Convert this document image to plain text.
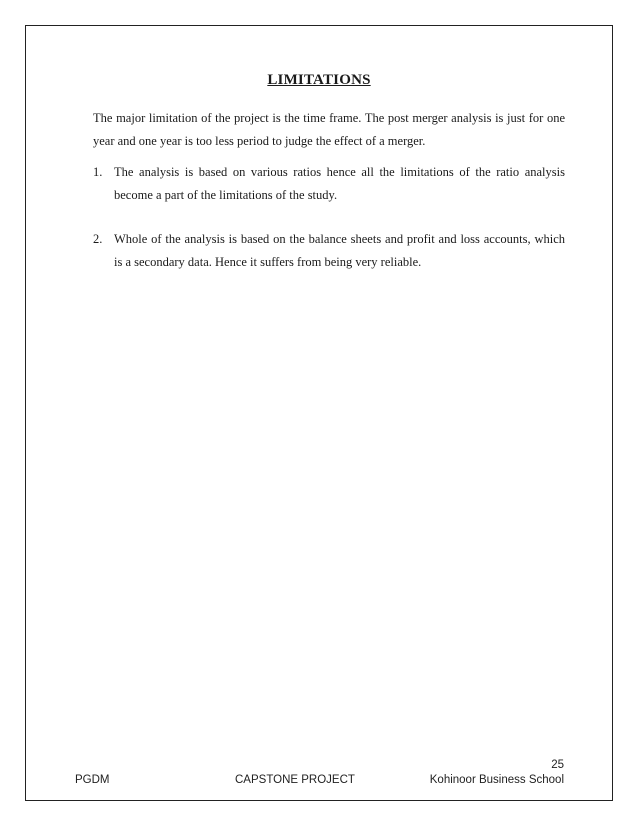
LIMITATIONS
The major limitation of the project is the time frame. The post merger analysis is just for one year and one year is too less period to judge the effect of a merger.
1. The analysis is based on various ratios hence all the limitations of the ratio analysis become a part of the limitations of the study.
2. Whole of the analysis is based on the balance sheets and profit and loss accounts, which is a secondary data. Hence it suffers from being very reliable.
25
PGDM	CAPSTONE PROJECT	Kohinoor Business School
